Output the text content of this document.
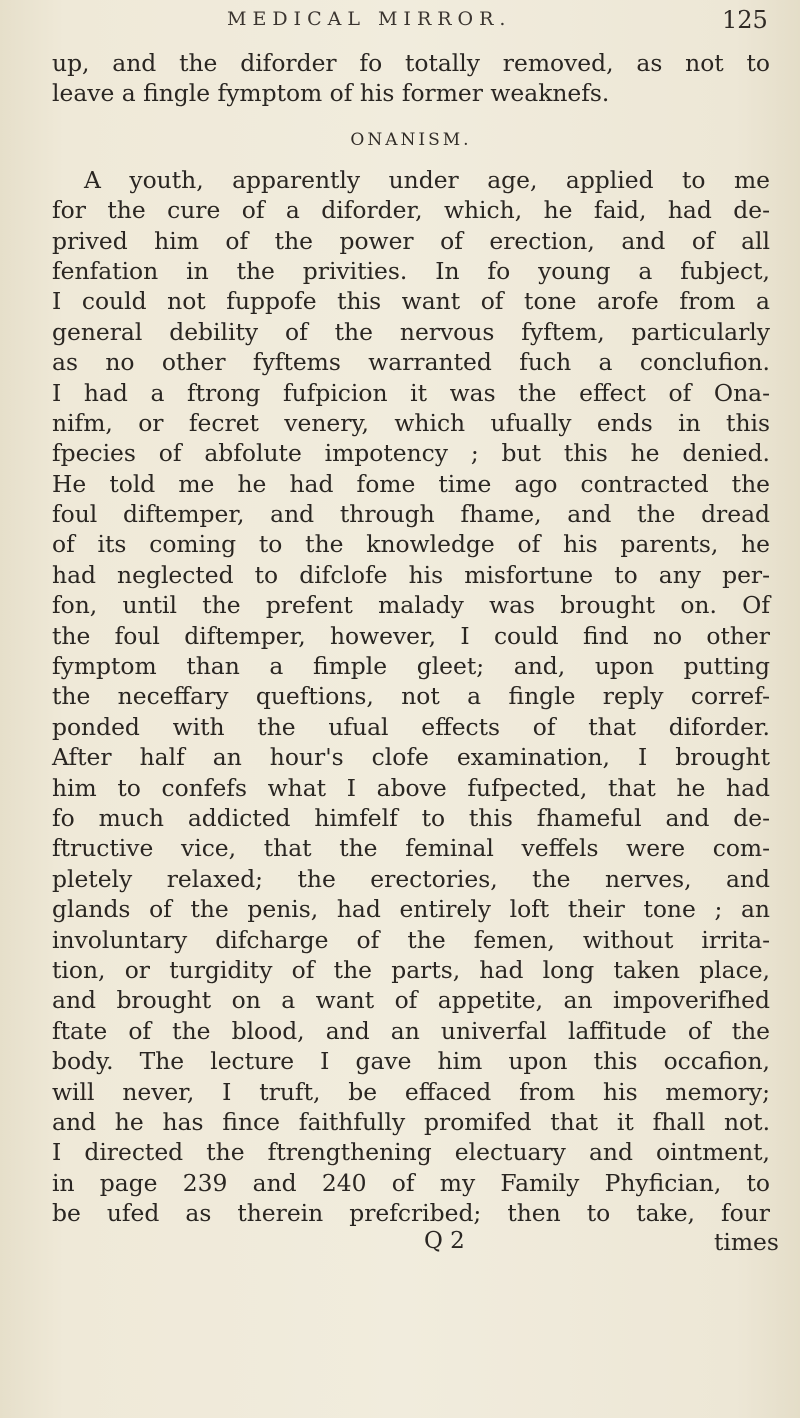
MEDICAL MIRROR.	125
up, and the diforder fo totally removed, as not to
leave a fingle fymptom of his former weaknefs.
ONANISM.
A youth, apparently under age, applied to me
for the cure of a diforder, which, he faid, had de-
prived him of the power of erection, and of all
fenfation in the privities. In fo young a fubject,
I could not fuppofe this want of tone arofe from a
general debility of the nervous fyftem, particularly
as no other fyftems warranted fuch a conclufion.
I had a ftrong fufpicion it was the effect of Ona-
nifm, or fecret venery, which ufually ends in this
fpecies of abfolute impotency ; but this he denied.
He told me he had fome time ago contracted the
foul diftemper, and through fhame, and the dread
of its coming to the knowledge of his parents, he
had neglected to difclofe his misfortune to any per-
fon, until the prefent malady was brought on. Of
the foul diftemper, however, I could find no other
fymptom than a fimple gleet; and, upon putting
the neceffary queftions, not a fingle reply corref-
ponded with the ufual effects of that diforder.
After half an hour's clofe examination, I brought
him to confefs what I above fufpected, that he had
fo much addicted himfelf to this fhameful and de-
ftructive vice, that the feminal veffels were com-
pletely relaxed; the erectories, the nerves, and
glands of the penis, had entirely loft their tone ; an
involuntary difcharge of the femen, without irrita-
tion, or turgidity of the parts, had long taken place,
and brought on a want of appetite, an impoverifhed
ftate of the blood, and an univerfal laffitude of the
body. The lecture I gave him upon this occafion,
will never, I truft, be effaced from his memory;
and he has fince faithfully promifed that it fhall not.
I directed the ftrengthening electuary and ointment,
in page 239 and 240 of my Family Phyfician, to
be ufed as therein prefcribed; then to take, four
Q 2	times
